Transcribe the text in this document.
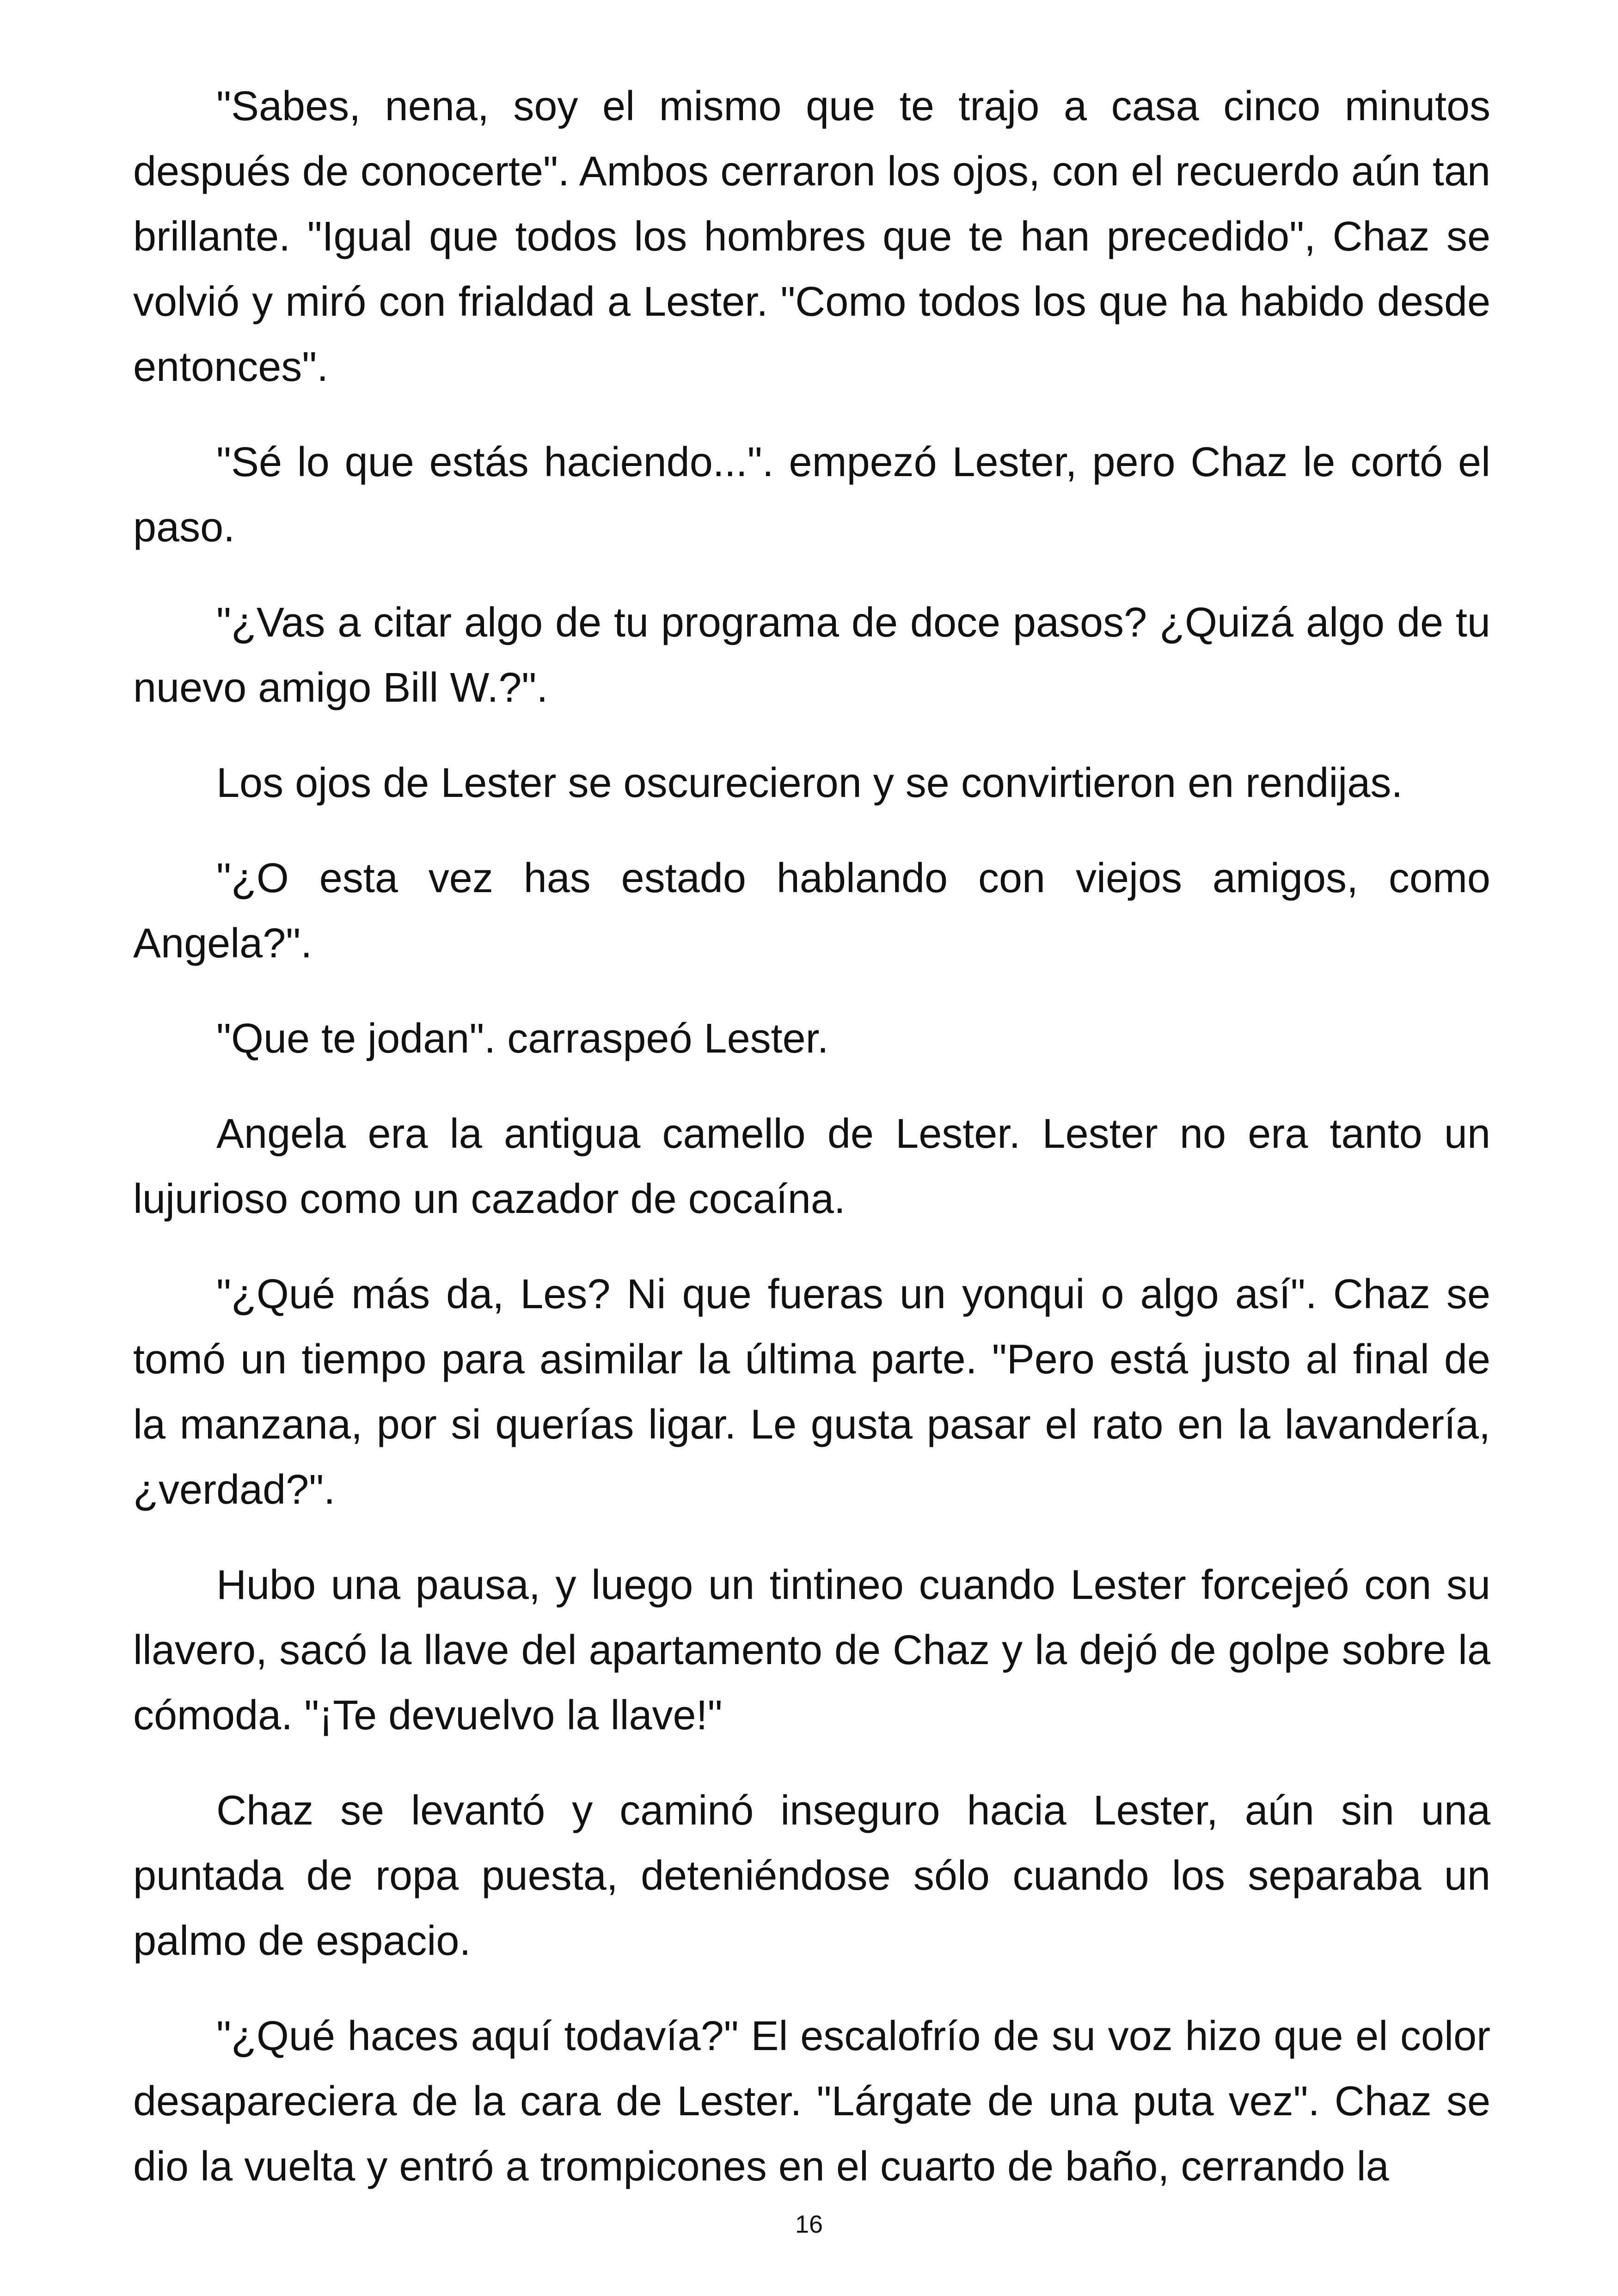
"Sabes, nena, soy el mismo que te trajo a casa cinco minutos después de conocerte". Ambos cerraron los ojos, con el recuerdo aún tan brillante. "Igual que todos los hombres que te han precedido", Chaz se volvió y miró con frialdad a Lester. "Como todos los que ha habido desde entonces".

"Sé lo que estás haciendo...". empezó Lester, pero Chaz le cortó el paso.

"¿Vas a citar algo de tu programa de doce pasos? ¿Quizá algo de tu nuevo amigo Bill W.?".

Los ojos de Lester se oscurecieron y se convirtieron en rendijas.

"¿O esta vez has estado hablando con viejos amigos, como Angela?".

"Que te jodan". carraspeó Lester.

Angela era la antigua camello de Lester. Lester no era tanto un lujurioso como un cazador de cocaína.

"¿Qué más da, Les? Ni que fueras un yonqui o algo así". Chaz se tomó un tiempo para asimilar la última parte. "Pero está justo al final de la manzana, por si querías ligar. Le gusta pasar el rato en la lavandería, ¿verdad?".

Hubo una pausa, y luego un tintineo cuando Lester forcejeó con su llavero, sacó la llave del apartamento de Chaz y la dejó de golpe sobre la cómoda. "¡Te devuelvo la llave!"

Chaz se levantó y caminó inseguro hacia Lester, aún sin una puntada de ropa puesta, deteniéndose sólo cuando los separaba un palmo de espacio.

"¿Qué haces aquí todavía?" El escalofrío de su voz hizo que el color desapareciera de la cara de Lester. "Lárgate de una puta vez". Chaz se dio la vuelta y entró a trompicones en el cuarto de baño, cerrando la

16
